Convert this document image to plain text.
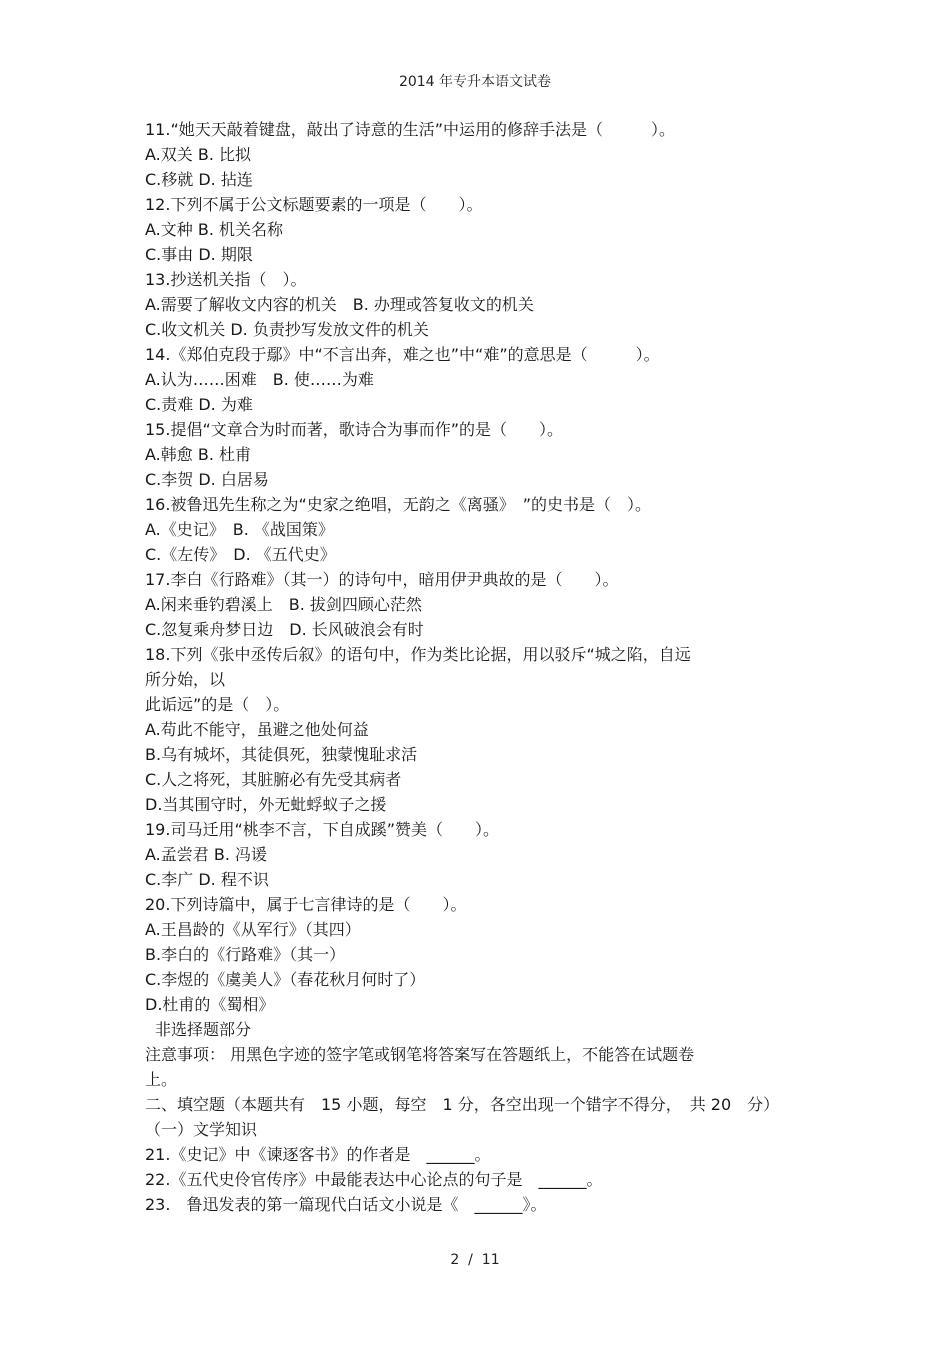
2014 年专升本语文试卷
11.“她天天敲着键盘，敲出了诗意的生活”中运用的修辞手法是（　　　）。
A.双关 B. 比拟
C.移就 D. 拈连
12.下列不属于公文标题要素的一项是（　　）。
A.文种 B. 机关名称
C.事由 D. 期限
13.抄送机关指（　）。
A.需要了解收文内容的机关　B. 办理或答复收文的机关
C.收文机关 D. 负责抄写发放文件的机关
14.《郑伯克段于鄢》中“不言出奔，难之也”中“难”的意思是（　　　）。
A.认为……困难　B. 使……为难
C.责难 D. 为难
15.提倡“文章合为时而著，歌诗合为事而作”的是（　　）。
A.韩愈 B. 杜甫
C.李贺 D. 白居易
16.被鲁迅先生称之为“史家之绝唱，无韵之《离骚》　”的史书是（　）。
A.《史记》　B. 《战国策》
C.《左传》　D. 《五代史》
17.李白《行路难》（其一）的诗句中，暗用伊尹典故的是（　　）。
A.闲来垂钓碧溪上　B. 拔剑四顾心茫然
C.忽复乘舟梦日边　D. 长风破浪会有时
18.下列《张中丞传后叙》的语句中，作为类比论据，用以驳斥“城之陷，自远
所分始，以
此诟远”的是（　）。
A.苟此不能守，虽避之他处何益
B.乌有城坏，其徒俱死，独蒙愧耻求活
C.人之将死，其脏腑必有先受其病者
D.当其围守时，外无蚍蜉蚁子之援
19.司马迁用“桃李不言，下自成蹊”赞美（　　）。
A.孟尝君 B. 冯谖
C.李广 D. 程不识
20.下列诗篇中，属于七言律诗的是（　　）。
A.王昌龄的《从军行》（其四）
B.李白的《行路难》（其一）
C.李煜的《虞美人》（春花秋月何时了）
D.杜甫的《蜀相》
非选择题部分
注意事项： 用黑色字迹的签字笔或钢笔将答案写在答题纸上，不能答在试题卷
上。
二、填空题（本题共有　15 小题，每空　1 分，各空出现一个错字不得分，　共 20　分）
（一）文学知识
21.《史记》中《谏逐客书》的作者是　______。
22.《五代史伶官传序》中最能表达中心论点的句子是　______。
23.　鲁迅发表的第一篇现代白话文小说是《　______》。
2  /  11
